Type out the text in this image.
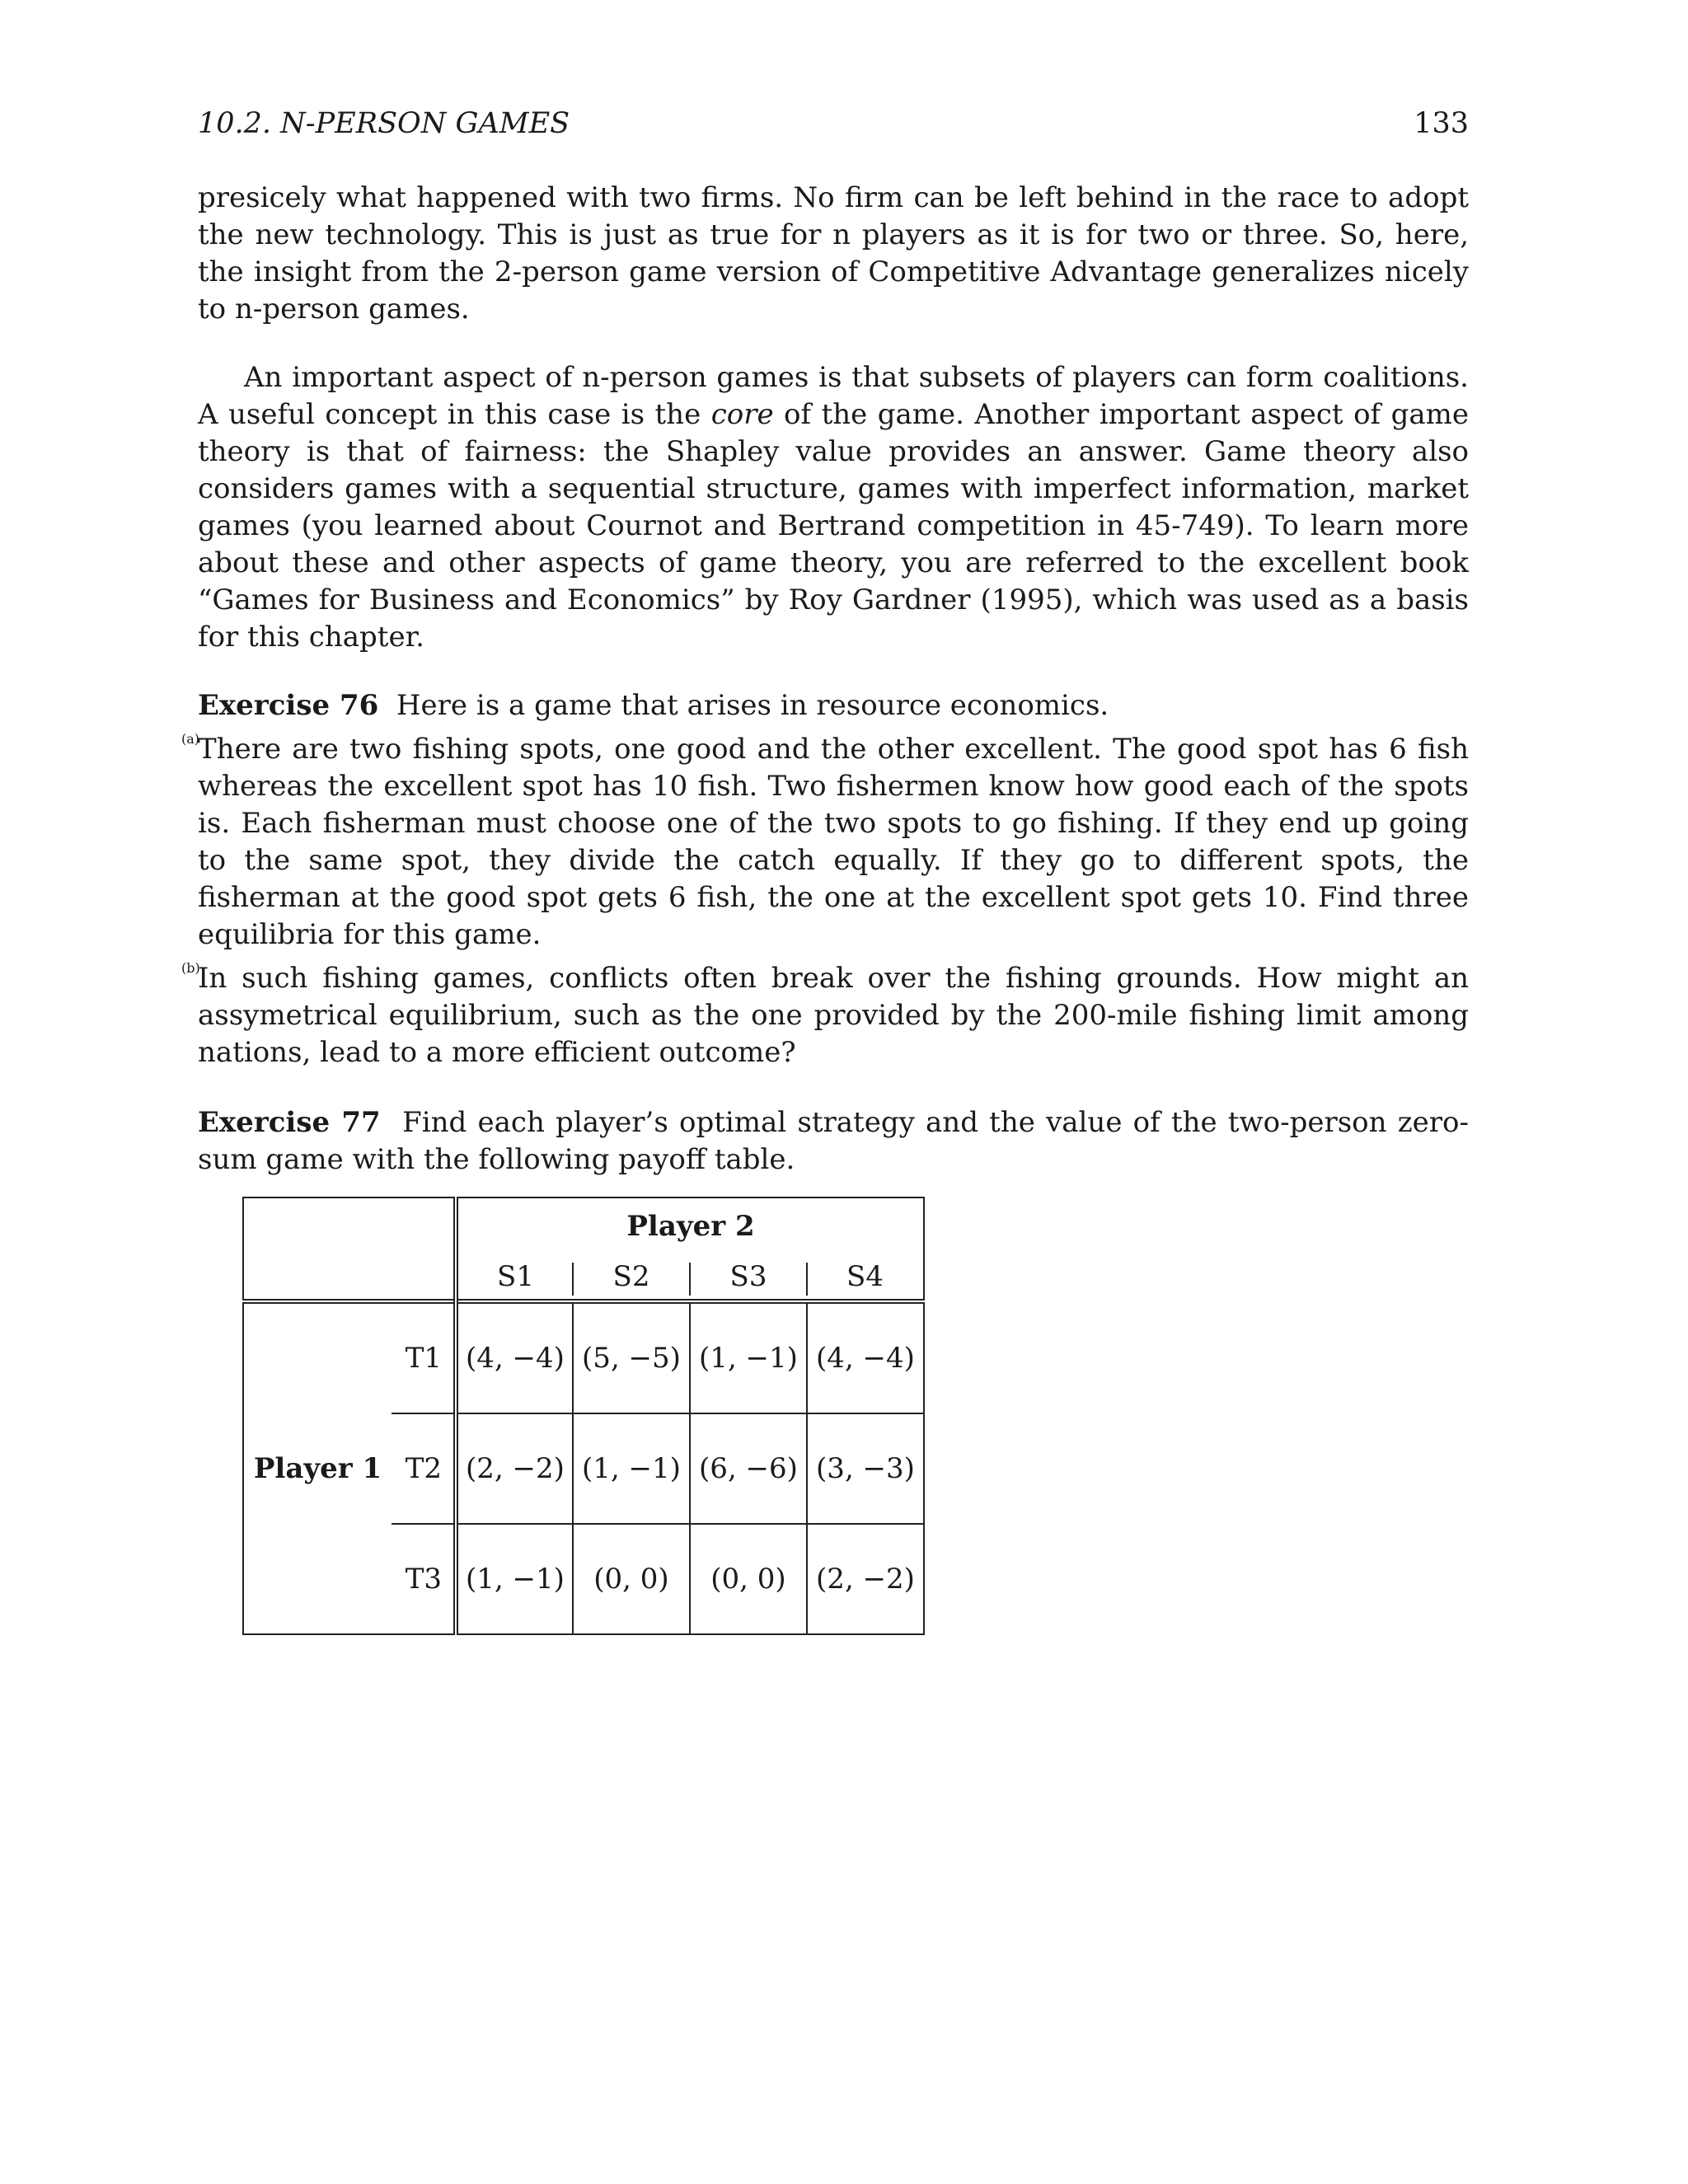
10.2. N-PERSON GAMES	133

presicely what happened with two firms. No firm can be left behind in the race to adopt the new technology. This is just as true for n players as it is for two or three. So, here, the insight from the 2-person game version of Competitive Advantage generalizes nicely to n-person games.

An important aspect of n-person games is that subsets of players can form coalitions. A useful concept in this case is the core of the game. Another important aspect of game theory is that of fairness: the Shapley value provides an answer. Game theory also considers games with a sequential structure, games with imperfect information, market games (you learned about Cournot and Bertrand competition in 45-749). To learn more about these and other aspects of game theory, you are referred to the excellent book “Games for Business and Economics” by Roy Gardner (1995), which was used as a basis for this chapter.

Exercise 76 Here is a game that arises in resource economics.

(a)

There are two fishing spots, one good and the other excellent. The good spot has 6 fish whereas the excellent spot has 10 fish. Two fishermen know how good each of the spots is. Each fisherman must choose one of the two spots to go fishing. If they end up going to the same spot, they divide the catch equally. If they go to different spots, the fisherman at the good spot gets 6 fish, the one at the excellent spot gets 10. Find three equilibria for this game.

(b)

In such fishing games, conflicts often break over the fishing grounds. How might an assymetrical equilibrium, such as the one provided by the 200-mile fishing limit among nations, lead to a more efficient outcome?

Exercise 77 Find each player’s optimal strategy and the value of the two-person zero-sum game with the following payoff table.

		Player 2			
		S1	S2	S3	S4
Player 1	T1	(4, −4)	(5, −5)	(1, −1)	(4, −4)
	T2	(2, −2)	(1, −1)	(6, −6)	(3, −3)
	T3	(1, −1)	(0, 0)	(0, 0)	(2, −2)
